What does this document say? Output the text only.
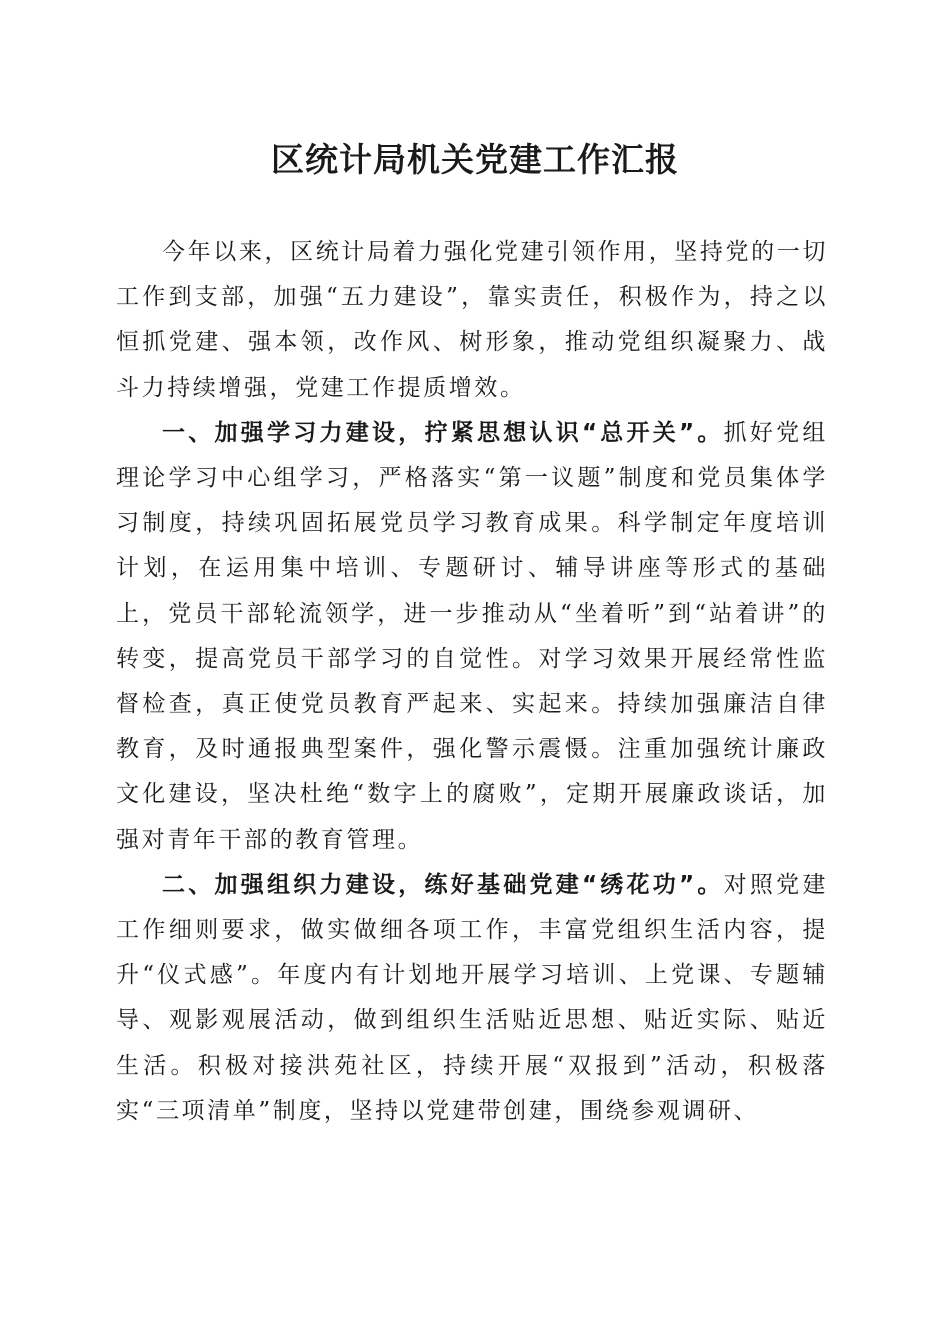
区统计局机关党建工作汇报

今年以来，区统计局着力强化党建引领作用，坚持党的一切工作到支部，加强“五力建设”，靠实责任，积极作为，持之以恒抓党建、强本领，改作风、树形象，推动党组织凝聚力、战斗力持续增强，党建工作提质增效。

一、加强学习力建设，拧紧思想认识“总开关”。抓好党组理论学习中心组学习，严格落实“第一议题”制度和党员集体学习制度，持续巩固拓展党员学习教育成果。科学制定年度培训计划，在运用集中培训、专题研讨、辅导讲座等形式的基础上，党员干部轮流领学，进一步推动从“坐着听”到“站着讲”的转变，提高党员干部学习的自觉性。对学习效果开展经常性监督检查，真正使党员教育严起来、实起来。持续加强廉洁自律教育，及时通报典型案件，强化警示震慑。注重加强统计廉政文化建设，坚决杜绝“数字上的腐败”，定期开展廉政谈话，加强对青年干部的教育管理。

二、加强组织力建设，练好基础党建“绣花功”。对照党建工作细则要求，做实做细各项工作，丰富党组织生活内容，提升“仪式感”。年度内有计划地开展学习培训、上党课、专题辅导、观影观展活动，做到组织生活贴近思想、贴近实际、贴近生活。积极对接洪苑社区，持续开展“双报到”活动，积极落实“三项清单”制度，坚持以党建带创建，围绕参观调研、
